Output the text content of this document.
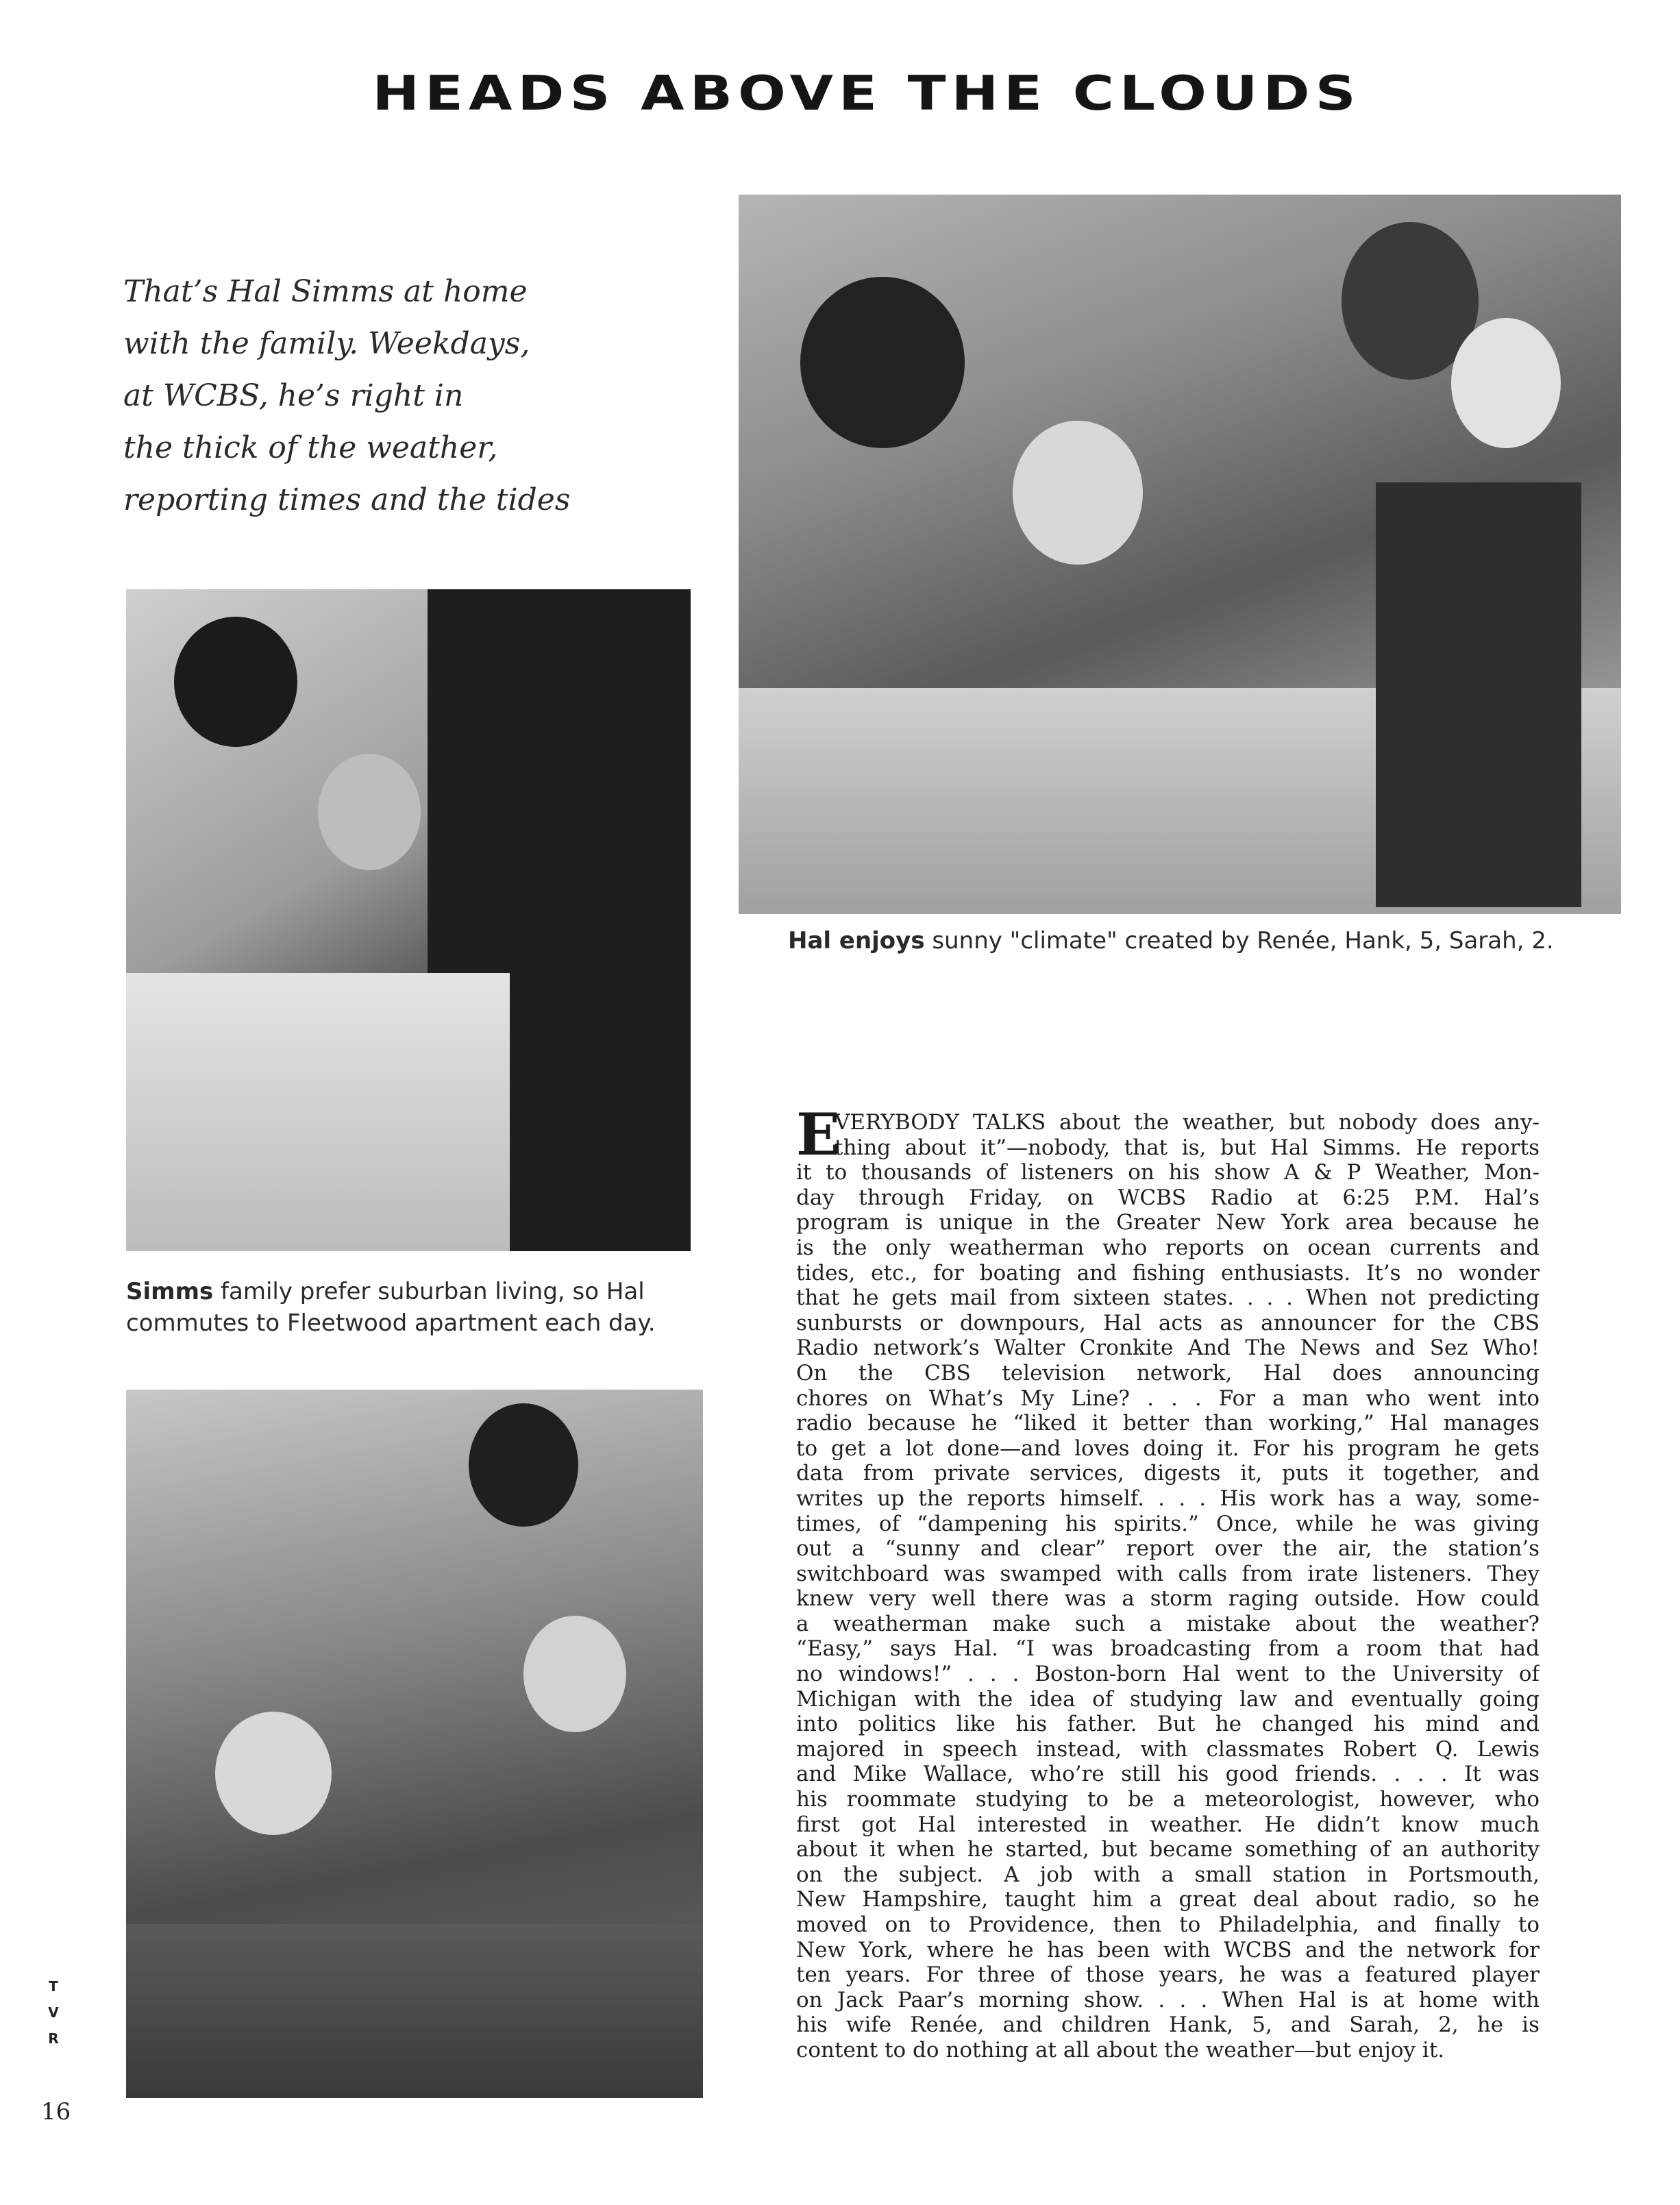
HEADS ABOVE THE CLOUDS
That’s Hal Simms at home
with the family. Weekdays,
at WCBS, he’s right in
the thick of the weather,
reporting times and the tides
Hal enjoys sunny "climate" created by Renée, Hank, 5, Sarah, 2.
Simms family prefer suburban living, so Hal
commutes to Fleetwood apartment each day.
E
VERYBODY TALKS about the weather, but nobody does any-
thing about it”—nobody, that is, but Hal Simms. He reports
it to thousands of listeners on his show A & P Weather, Mon-
day through Friday, on WCBS Radio at 6:25 P.M. Hal’s
program is unique in the Greater New York area because he
is the only weatherman who reports on ocean currents and
tides, etc., for boating and fishing enthusiasts. It’s no wonder
that he gets mail from sixteen states. . . . When not predicting
sunbursts or downpours, Hal acts as announcer for the CBS
Radio network’s Walter Cronkite And The News and Sez Who!
On the CBS television network, Hal does announcing
chores on What’s My Line? . . . For a man who went into
radio because he “liked it better than working,” Hal manages
to get a lot done—and loves doing it. For his program he gets
data from private services, digests it, puts it together, and
writes up the reports himself. . . . His work has a way, some-
times, of “dampening his spirits.” Once, while he was giving
out a “sunny and clear” report over the air, the station’s
switchboard was swamped with calls from irate listeners. They
knew very well there was a storm raging outside. How could
a weatherman make such a mistake about the weather?
“Easy,” says Hal. “I was broadcasting from a room that had
no windows!” . . . Boston-born Hal went to the University of
Michigan with the idea of studying law and eventually going
into politics like his father. But he changed his mind and
majored in speech instead, with classmates Robert Q. Lewis
and Mike Wallace, who’re still his good friends. . . . It was
his roommate studying to be a meteorologist, however, who
first got Hal interested in weather. He didn’t know much
about it when he started, but became something of an authority
on the subject. A job with a small station in Portsmouth,
New Hampshire, taught him a great deal about radio, so he
moved on to Providence, then to Philadelphia, and finally to
New York, where he has been with WCBS and the network for
ten years. For three of those years, he was a featured player
on Jack Paar’s morning show. . . . When Hal is at home with
his wife Renée, and children Hank, 5, and Sarah, 2, he is
content to do nothing at all about the weather—but enjoy it.
T
V
R
16
